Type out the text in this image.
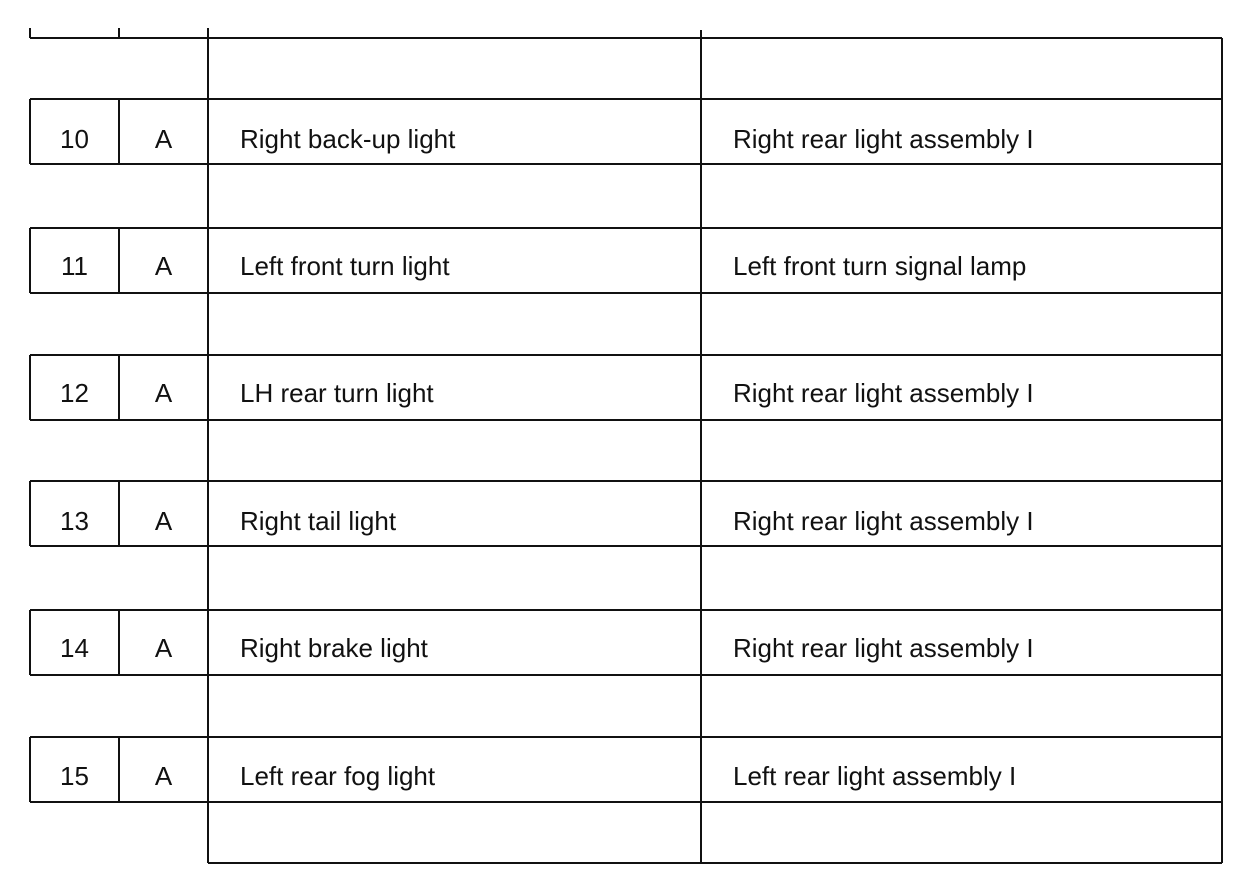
10	A	Right back-up light	Right rear light assembly I
11	A	Left front turn light	Left front turn signal lamp
12	A	LH rear turn light	Right rear light assembly I
13	A	Right tail light	Right rear light assembly I
14	A	Right brake light	Right rear light assembly I
15	A	Left rear fog light	Left rear light assembly I
